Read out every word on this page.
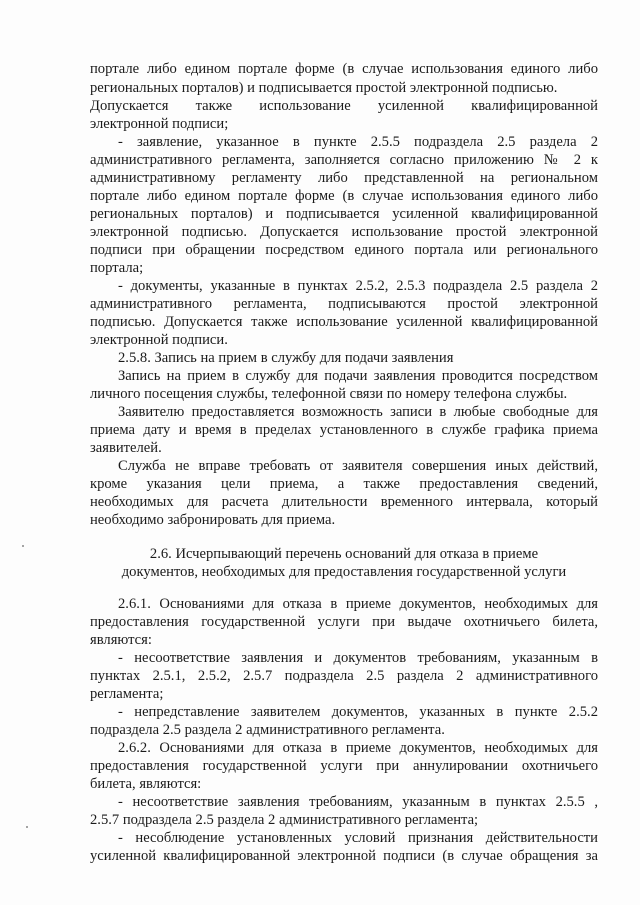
порталe либо едином портале форме (в случае использования единого либо
региональных порталов) и подписывается простой электронной подписью.
Допускается также использование усиленной квалифицированной
электронной подписи;
- заявление, указанное в пункте 2.5.5 подраздела 2.5 раздела 2
административного регламента, заполняется согласно приложению № 2 к
административному регламенту либо представленной на региональном
портале либо едином портале форме (в случае использования единого либо
региональных порталов) и подписывается усиленной квалифицированной
электронной подписью. Допускается использование простой электронной
подписи при обращении посредством единого портала или регионального
портала;
- документы, указанные в пунктах 2.5.2, 2.5.3 подраздела 2.5 раздела 2
административного регламента, подписываются простой электронной
подписью. Допускается также использование усиленной квалифицированной
электронной подписи.
2.5.8. Запись на прием в службу для подачи заявления
Запись на прием в службу для подачи заявления проводится посредством
личного посещения службы, телефонной связи по номеру телефона службы.
Заявителю предоставляется возможность записи в любые свободные для
приема дату и время в пределах установленного в службе графика приема
заявителей.
Служба не вправе требовать от заявителя совершения иных действий,
кроме указания цели приема, а также предоставления сведений,
необходимых для расчета длительности временного интервала, который
необходимо забронировать для приема.
2.6. Исчерпывающий перечень оснований для отказа в приеме
документов, необходимых для предоставления государственной услуги
2.6.1. Основаниями для отказа в приеме документов, необходимых для
предоставления государственной услуги при выдаче охотничьего билета,
являются:
- несоответствие заявления и документов требованиям, указанным в
пунктах 2.5.1, 2.5.2, 2.5.7 подраздела 2.5 раздела 2 административного
регламента;
- непредставление заявителем документов, указанных в пункте 2.5.2
подраздела 2.5 раздела 2 административного регламента.
2.6.2. Основаниями для отказа в приеме документов, необходимых для
предоставления государственной услуги при аннулировании охотничьего
билета, являются:
- несоответствие заявления требованиям, указанным в пунктах 2.5.5 ,
2.5.7 подраздела 2.5 раздела 2 административного регламента;
- несоблюдение установленных условий признания действительности
усиленной квалифицированной электронной подписи (в случае обращения за
